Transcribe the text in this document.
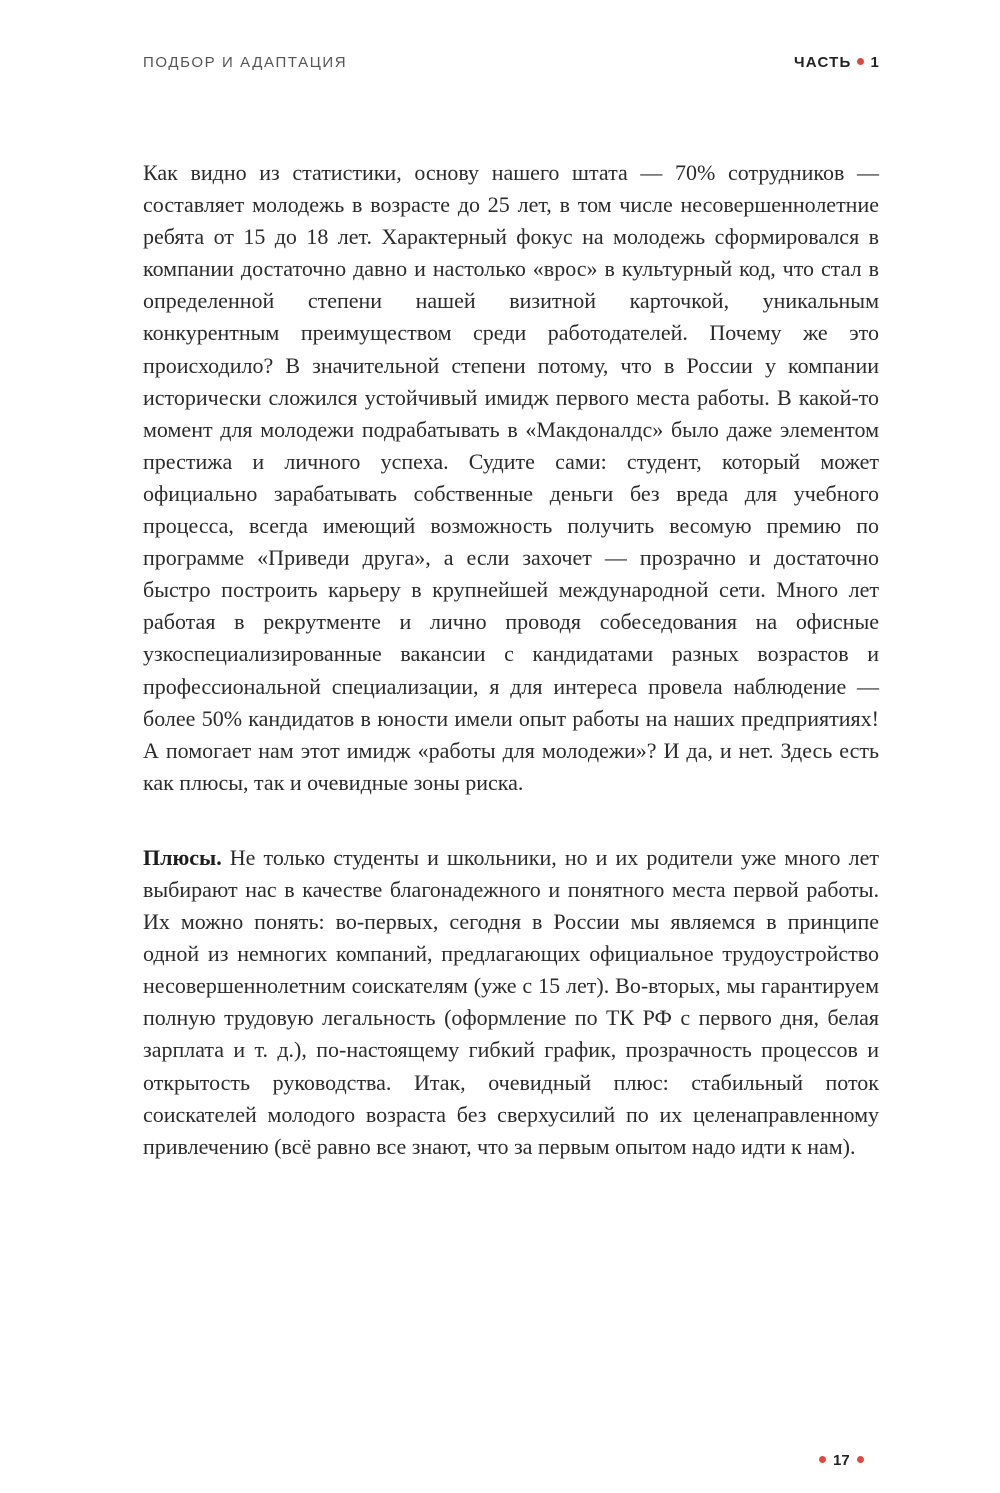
ПОДБОР И АДАПТАЦИЯ	ЧАСТЬ 1

Как видно из статистики, основу нашего штата — 70% сотрудников — составляет молодежь в возрасте до 25 лет, в том числе несовершеннолетние ребята от 15 до 18 лет. Характерный фокус на молодежь сформировался в компании достаточно давно и настолько «врос» в культурный код, что стал в определенной степени нашей визитной карточкой, уникальным конкурентным преимуществом среди работодателей. Почему же это происходило? В значительной степени потому, что в России у компании исторически сложился устойчивый имидж первого места работы. В какой-то момент для молодежи подрабатывать в «Макдоналдс» было даже элементом престижа и личного успеха. Судите сами: студент, который может официально зарабатывать собственные деньги без вреда для учебного процесса, всегда имеющий возможность получить весомую премию по программе «Приведи друга», а если захочет — прозрачно и достаточно быстро построить карьеру в крупнейшей международной сети. Много лет работая в рекрутменте и лично проводя собеседования на офисные узкоспециализированные вакансии с кандидатами разных возрастов и профессиональной специализации, я для интереса провела наблюдение — более 50% кандидатов в юности имели опыт работы на наших предприятиях! А помогает нам этот имидж «работы для молодежи»? И да, и нет. Здесь есть как плюсы, так и очевидные зоны риска.

Плюсы. Не только студенты и школьники, но и их родители уже много лет выбирают нас в качестве благонадежного и понятного места первой работы. Их можно понять: во-первых, сегодня в России мы являемся в принципе одной из немногих компаний, предлагающих официальное трудоустройство несовершеннолетним соискателям (уже с 15 лет). Во-вторых, мы гарантируем полную трудовую легальность (оформление по ТК РФ с первого дня, белая зарплата и т. д.), по-настоящему гибкий график, прозрачность процессов и открытость руководства. Итак, очевидный плюс: стабильный поток соискателей молодого возраста без сверхусилий по их целенаправленному привлечению (всё равно все знают, что за первым опытом надо идти к нам).

17
